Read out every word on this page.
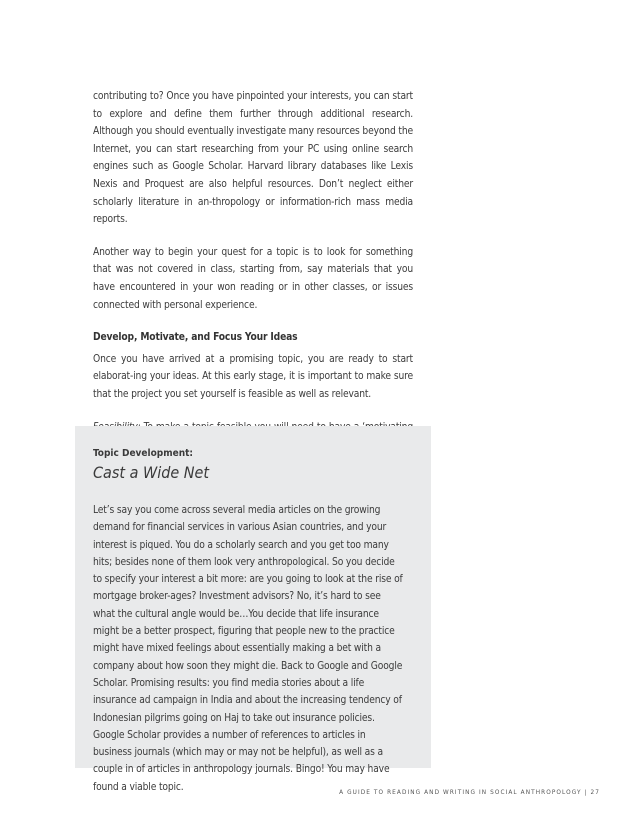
contributing to? Once you have pinpointed your interests, you can start to explore and define them further through additional research. Although you should eventually investigate many resources beyond the Internet, you can start researching from your PC using online search engines such as Google Scholar. Harvard library databases like Lexis Nexis and Proquest are also helpful resources. Don’t neglect either scholarly literature in an-thropology or information-rich mass media reports.

Another way to begin your quest for a topic is to look for something that was not covered in class, starting from, say materials that you have encountered in your won reading or in other classes, or issues connected with personal experience.

Develop, Motivate, and Focus Your Ideas

Once you have arrived at a promising topic, you are ready to start elaborat-ing your ideas. At this early stage, it is important to make sure that the project you set yourself is feasible as well as relevant.

Topic Development:
Cast a Wide Net
Let’s say you come across several media articles on the growing demand for financial services in various Asian countries, and your interest is piqued. You do a scholarly search and you get too many hits; besides none of them look very anthropological. So you decide to specify your interest a bit more: are you going to look at the rise of mortgage broker-ages? Investment advisors? No, it’s hard to see what the cultural angle would be…You decide that life insurance might be a better prospect, figuring that people new to the practice might have mixed feelings about essentially making a bet with a company about how soon they might die. Back to Google and Google Scholar. Promising results: you find media stories about a life insurance ad campaign in India and about the increasing tendency of Indonesian pilgrims going on Haj to take out insurance policies. Google Scholar provides a number of references to articles in business journals (which may or may not be helpful), as well as a couple in of articles in anthropology journals. Bingo! You may have found a viable topic.	A GUIDE TO READING AND WRITING IN SOCIAL ANTHROPOLOGY | 27
